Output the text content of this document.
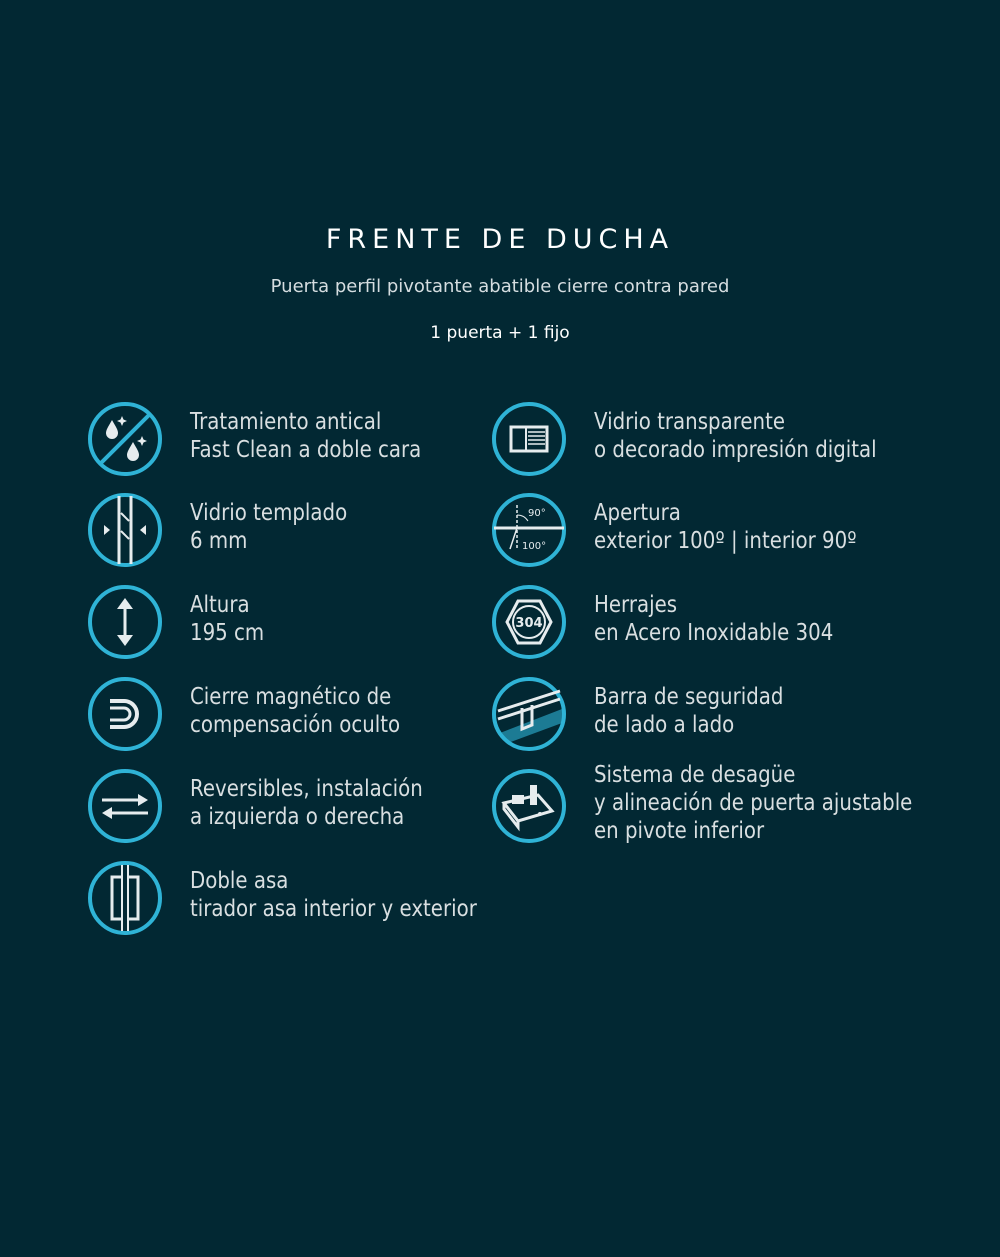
FRENTE DE DUCHA
Puerta perfil pivotante abatible cierre contra pared
1 puerta + 1 fijo
Tratamiento antical
Fast Clean a doble cara
Vidrio templado
6 mm
Altura
195 cm
Cierre magnético de
compensación oculto
Reversibles, instalación
a izquierda o derecha
Doble asa
tirador asa interior y exterior
Vidrio transparente
o decorado impresión digital
90°
100°
Apertura
exterior 100º | interior 90º
304
Herrajes
en Acero Inoxidable 304
Barra de seguridad
de lado a lado
Sistema de desagüe
y alineación de puerta ajustable
en pivote inferior
